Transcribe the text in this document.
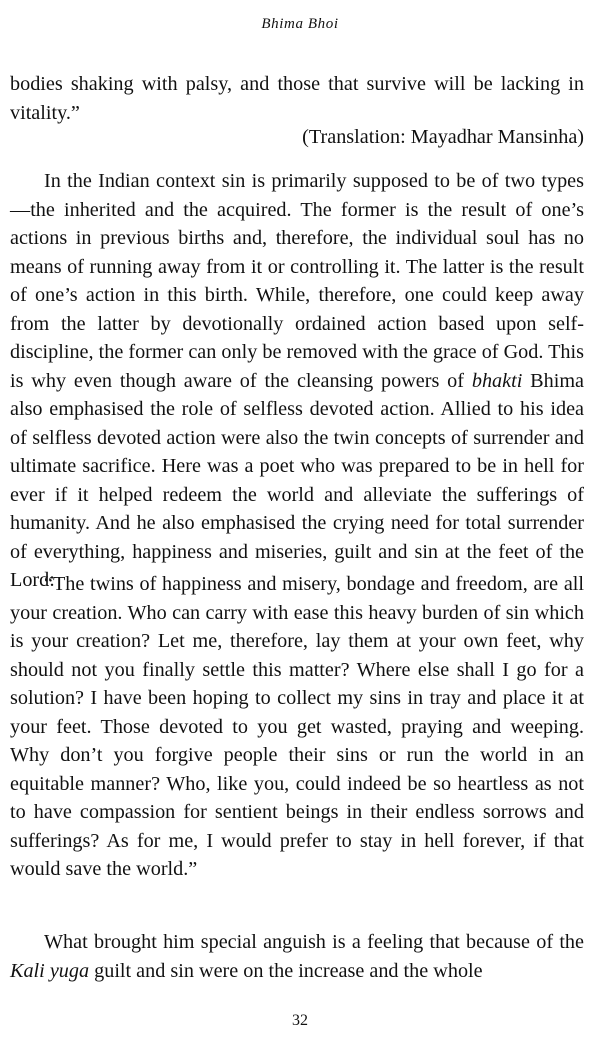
Bhima Bhoi
bodies shaking with palsy, and those that survive will be lacking in vitality.”
(Translation: Mayadhar Mansinha)
In the Indian context sin is primarily supposed to be of two types—the inherited and the acquired. The former is the result of one’s actions in previous births and, therefore, the individual soul has no means of running away from it or controlling it. The latter is the result of one’s action in this birth. While, therefore, one could keep away from the latter by devotionally ordained action based upon self-discipline, the former can only be removed with the grace of God. This is why even though aware of the cleansing powers of bhakti Bhima also emphasised the role of selfless devoted action. Allied to his idea of selfless devoted action were also the twin concepts of surrender and ultimate sacrifice. Here was a poet who was prepared to be in hell for ever if it helped redeem the world and alleviate the sufferings of humanity. And he also emphasised the crying need for total surrender of everything, happiness and miseries, guilt and sin at the feet of the Lord:
“The twins of happiness and misery, bondage and freedom, are all your creation. Who can carry with ease this heavy burden of sin which is your creation? Let me, therefore, lay them at your own feet, why should not you finally settle this matter? Where else shall I go for a solution? I have been hoping to collect my sins in tray and place it at your feet. Those devoted to you get wasted, praying and weeping. Why don’t you forgive people their sins or run the world in an equitable manner? Who, like you, could indeed be so heartless as not to have compassion for sentient beings in their endless sorrows and sufferings? As for me, I would prefer to stay in hell forever, if that would save the world.”
What brought him special anguish is a feeling that because of the Kali yuga guilt and sin were on the increase and the whole
32
